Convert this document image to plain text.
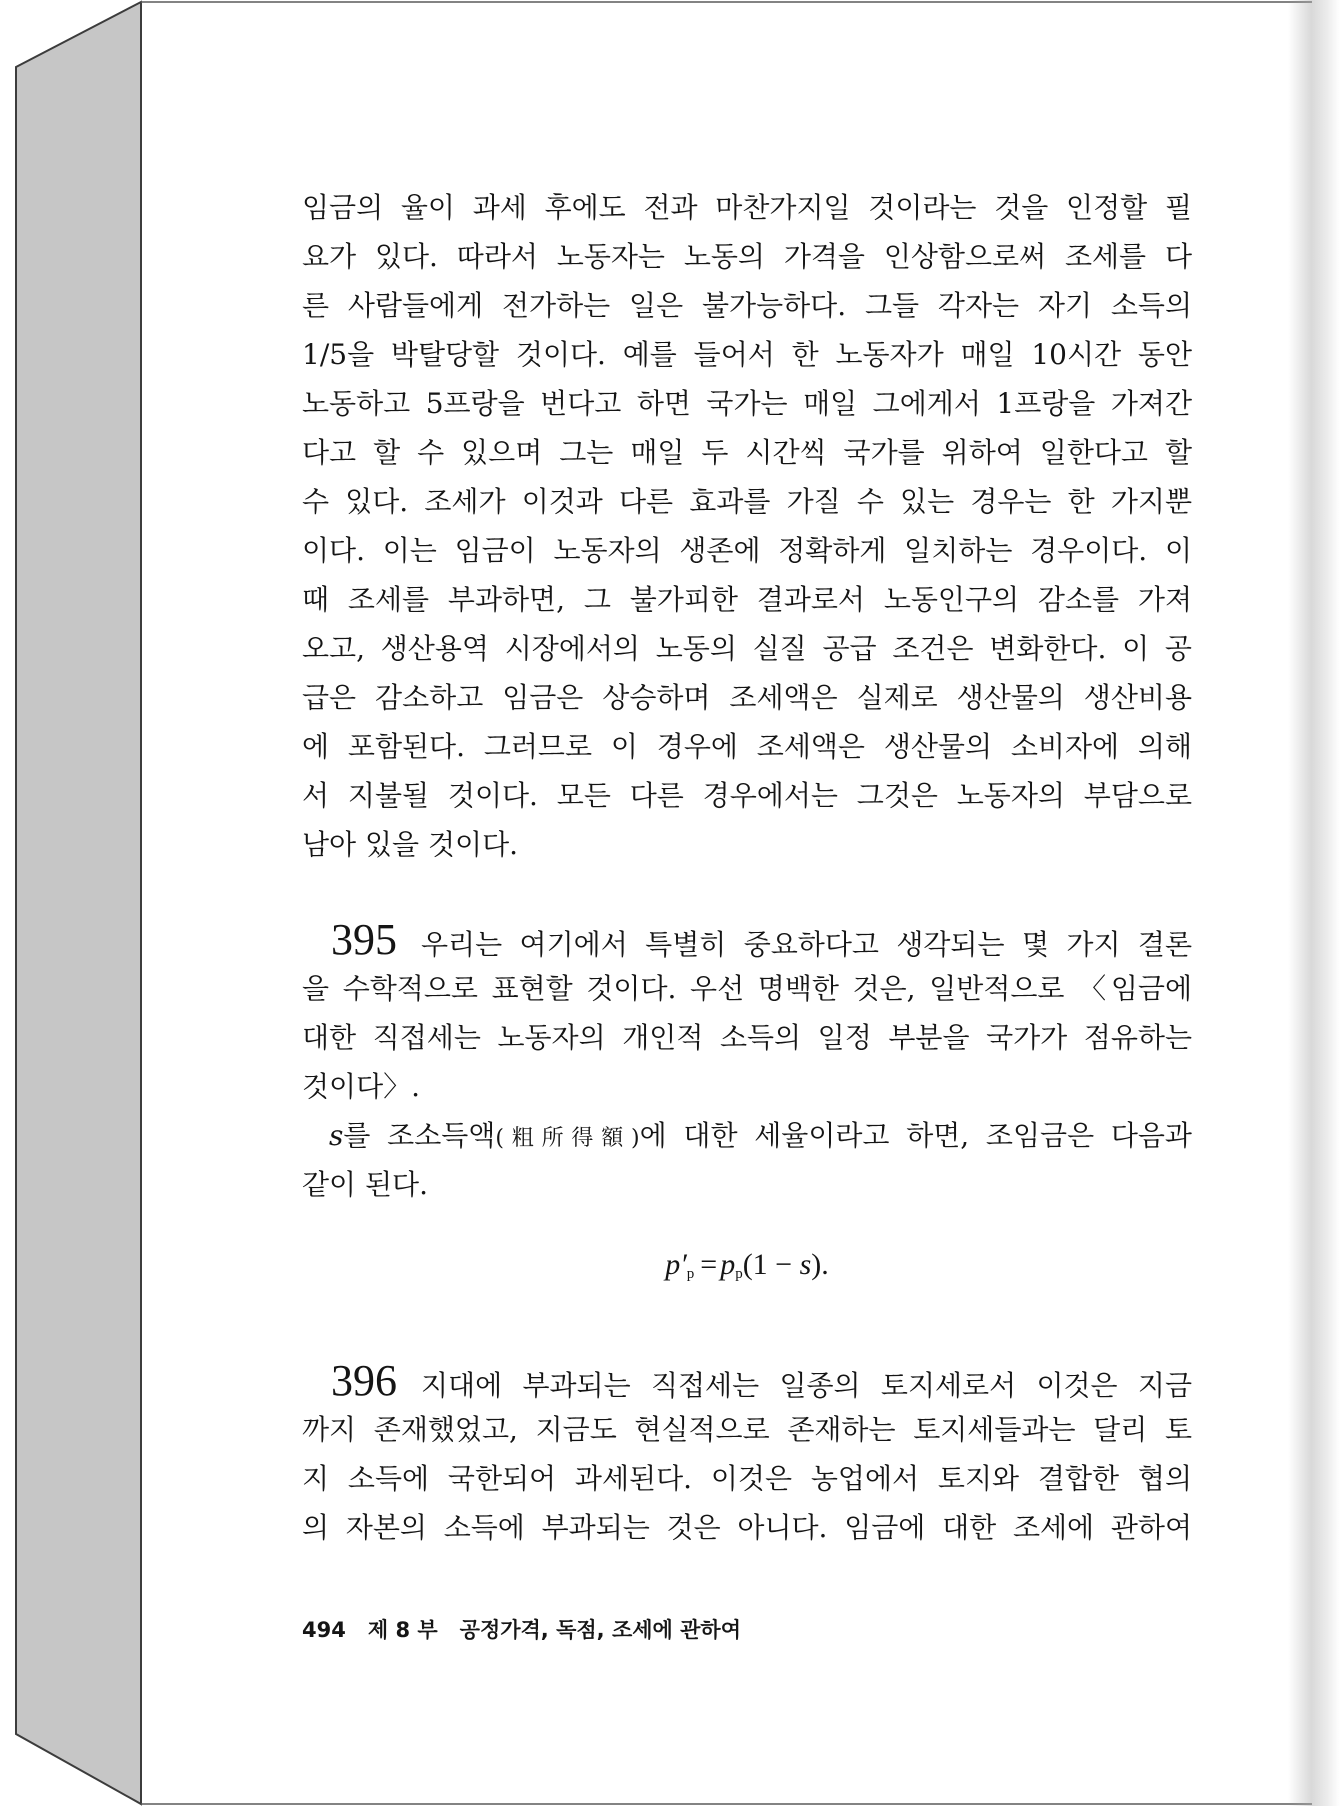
임금의 율이 과세 후에도 전과 마찬가지일 것이라는 것을 인정할 필
요가 있다. 따라서 노동자는 노동의 가격을 인상함으로써 조세를 다
른 사람들에게 전가하는 일은 불가능하다. 그들 각자는 자기 소득의
1/5을 박탈당할 것이다. 예를 들어서 한 노동자가 매일 10시간 동안
노동하고 5프랑을 번다고 하면 국가는 매일 그에게서 1프랑을 가져간
다고 할 수 있으며 그는 매일 두 시간씩 국가를 위하여 일한다고 할
수 있다. 조세가 이것과 다른 효과를 가질 수 있는 경우는 한 가지뿐
이다. 이는 임금이 노동자의 생존에 정확하게 일치하는 경우이다. 이
때 조세를 부과하면, 그 불가피한 결과로서 노동인구의 감소를 가져
오고, 생산용역 시장에서의 노동의 실질 공급 조건은 변화한다. 이 공
급은 감소하고 임금은 상승하며 조세액은 실제로 생산물의 생산비용
에 포함된다. 그러므로 이 경우에 조세액은 생산물의 소비자에 의해
서 지불될 것이다. 모든 다른 경우에서는 그것은 노동자의 부담으로
남아 있을 것이다.
395 우리는 여기에서 특별히 중요하다고 생각되는 몇 가지 결론
을 수학적으로 표현할 것이다. 우선 명백한 것은, 일반적으로 〈임금에
대한 직접세는 노동자의 개인적 소득의 일정 부분을 국가가 점유하는
것이다〉.
s를 조소득액(粗所得額)에 대한 세율이라고 하면, 조임금은 다음과
같이 된다.
$p'_p = p_p(1 - s)$.
396 지대에 부과되는 직접세는 일종의 토지세로서 이것은 지금
까지 존재했었고, 지금도 현실적으로 존재하는 토지세들과는 달리 토
지 소득에 국한되어 과세된다. 이것은 농업에서 토지와 결합한 협의
의 자본의 소득에 부과되는 것은 아니다. 임금에 대한 조세에 관하여
494 제 8 부 공정가격, 독점, 조세에 관하여
